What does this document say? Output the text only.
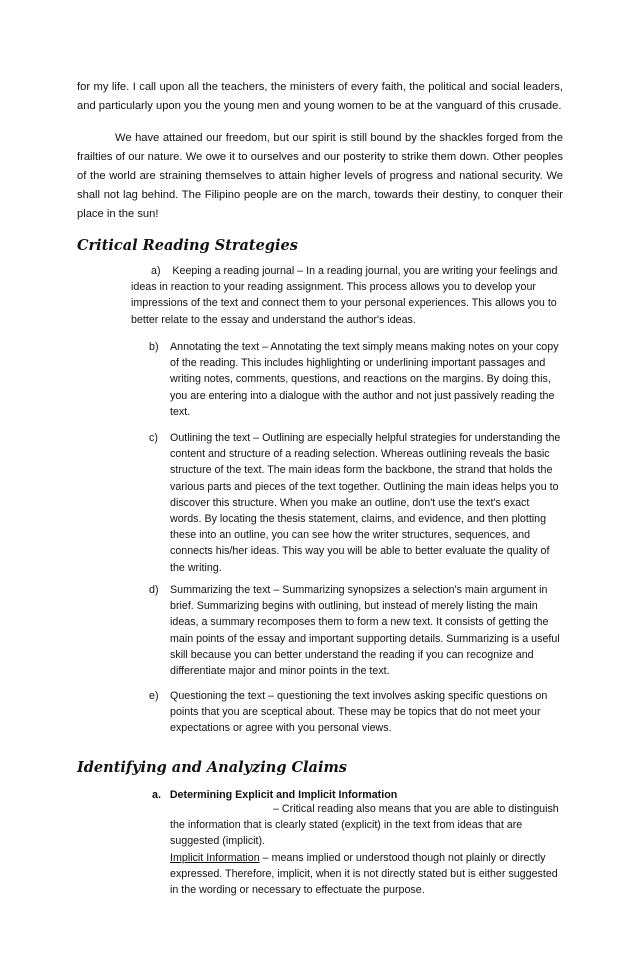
for my life. I call upon all the teachers, the ministers of every faith, the political and social leaders, and particularly upon you the young men and young women to be at the vanguard of this crusade.

We have attained our freedom, but our spirit is still bound by the shackles forged from the frailties of our nature. We owe it to ourselves and our posterity to strike them down. Other peoples of the world are straining themselves to attain higher levels of progress and national security. We shall not lag behind. The Filipino people are on the march, towards their destiny, to conquer their place in the sun!

Critical Reading Strategies
a) Keeping a reading journal – In a reading journal, you are writing your feelings and ideas in reaction to your reading assignment. This process allows you to develop your impressions of the text and connect them to your personal experiences. This allows you to better relate to the essay and understand the author's ideas.
b) Annotating the text – Annotating the text simply means making notes on your copy of the reading. This includes highlighting or underlining important passages and writing notes, comments, questions, and reactions on the margins. By doing this, you are entering into a dialogue with the author and not just passively reading the text.
c) Outlining the text – Outlining are especially helpful strategies for understanding the content and structure of a reading selection. Whereas outlining reveals the basic structure of the text. The main ideas form the backbone, the strand that holds the various parts and pieces of the text together. Outlining the main ideas helps you to discover this structure. When you make an outline, don't use the text's exact words. By locating the thesis statement, claims, and evidence, and then plotting these into an outline, you can see how the writer structures, sequences, and connects his/her ideas. This way you will be able to better evaluate the quality of the writing.
d) Summarizing the text – Summarizing synopsizes a selection's main argument in brief. Summarizing begins with outlining, but instead of merely listing the main ideas, a summary recomposes them to form a new text. It consists of getting the main points of the essay and important supporting details. Summarizing is a useful skill because you can better understand the reading if you can recognize and differentiate major and minor points in the text.
e) Questioning the text – questioning the text involves asking specific questions on points that you are sceptical about. These may be topics that do not meet your expectations or agree with you personal views.
Identifying and Analyzing Claims
a. Determining Explicit and Implicit Information
– Critical reading also means that you are able to distinguish the information that is clearly stated (explicit) in the text from ideas that are suggested (implicit).
Implicit Information – means implied or understood though not plainly or directly expressed. Therefore, implicit, when it is not directly stated but is either suggested in the wording or necessary to effectuate the purpose.
